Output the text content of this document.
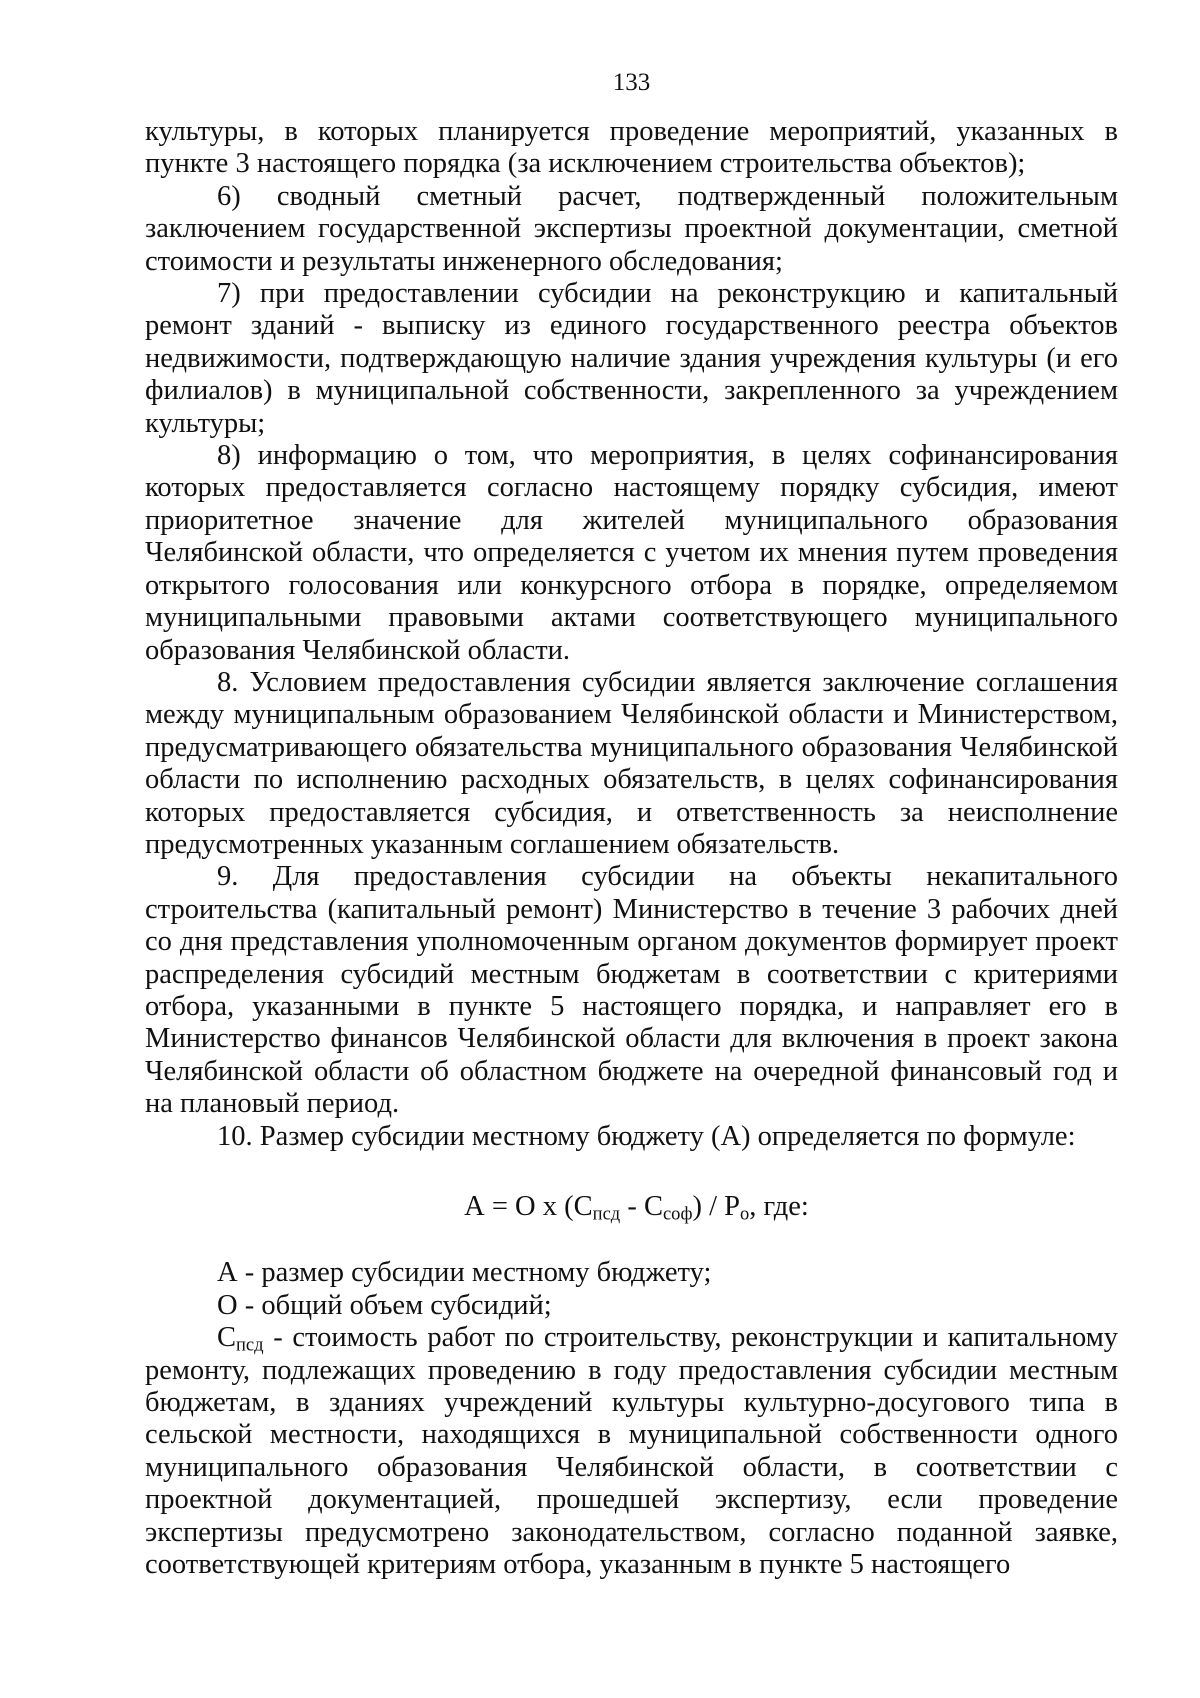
133

культуры, в которых планируется проведение мероприятий, указанных в пункте 3 настоящего порядка (за исключением строительства объектов);

6) сводный сметный расчет, подтвержденный положительным заключением государственной экспертизы проектной документации, сметной стоимости и результаты инженерного обследования;

7) при предоставлении субсидии на реконструкцию и капитальный ремонт зданий - выписку из единого государственного реестра объектов недвижимости, подтверждающую наличие здания учреждения культуры (и его филиалов) в муниципальной собственности, закрепленного за учреждением культуры;

8) информацию о том, что мероприятия, в целях софинансирования которых предоставляется согласно настоящему порядку субсидия, имеют приоритетное значение для жителей муниципального образования Челябинской области, что определяется с учетом их мнения путем проведения открытого голосования или конкурсного отбора в порядке, определяемом муниципальными правовыми актами соответствующего муниципального образования Челябинской области.

8. Условием предоставления субсидии является заключение соглашения между муниципальным образованием Челябинской области и Министерством, предусматривающего обязательства муниципального образования Челябинской области по исполнению расходных обязательств, в целях софинансирования которых предоставляется субсидия, и ответственность за неисполнение предусмотренных указанным соглашением обязательств.

9. Для предоставления субсидии на объекты некапитального строительства (капитальный ремонт) Министерство в течение 3 рабочих дней со дня представления уполномоченным органом документов формирует проект распределения субсидий местным бюджетам в соответствии с критериями отбора, указанными в пункте 5 настоящего порядка, и направляет его в Министерство финансов Челябинской области для включения в проект закона Челябинской области об областном бюджете на очередной финансовый год и на плановый период.

10. Размер субсидии местному бюджету (А) определяется по формуле:

А = О x $(С_{псд} - С_{соф}) / Р_о$, где:

А - размер субсидии местному бюджету;

О - общий объем субсидий;

$С_{псд}$ - стоимость работ по строительству, реконструкции и капитальному ремонту, подлежащих проведению в году предоставления субсидии местным бюджетам, в зданиях учреждений культуры культурно-досугового типа в сельской местности, находящихся в муниципальной собственности одного муниципального образования Челябинской области, в соответствии с проектной документацией, прошедшей экспертизу, если проведение экспертизы предусмотрено законодательством, согласно поданной заявке, соответствующей критериям отбора, указанным в пункте 5 настоящего
